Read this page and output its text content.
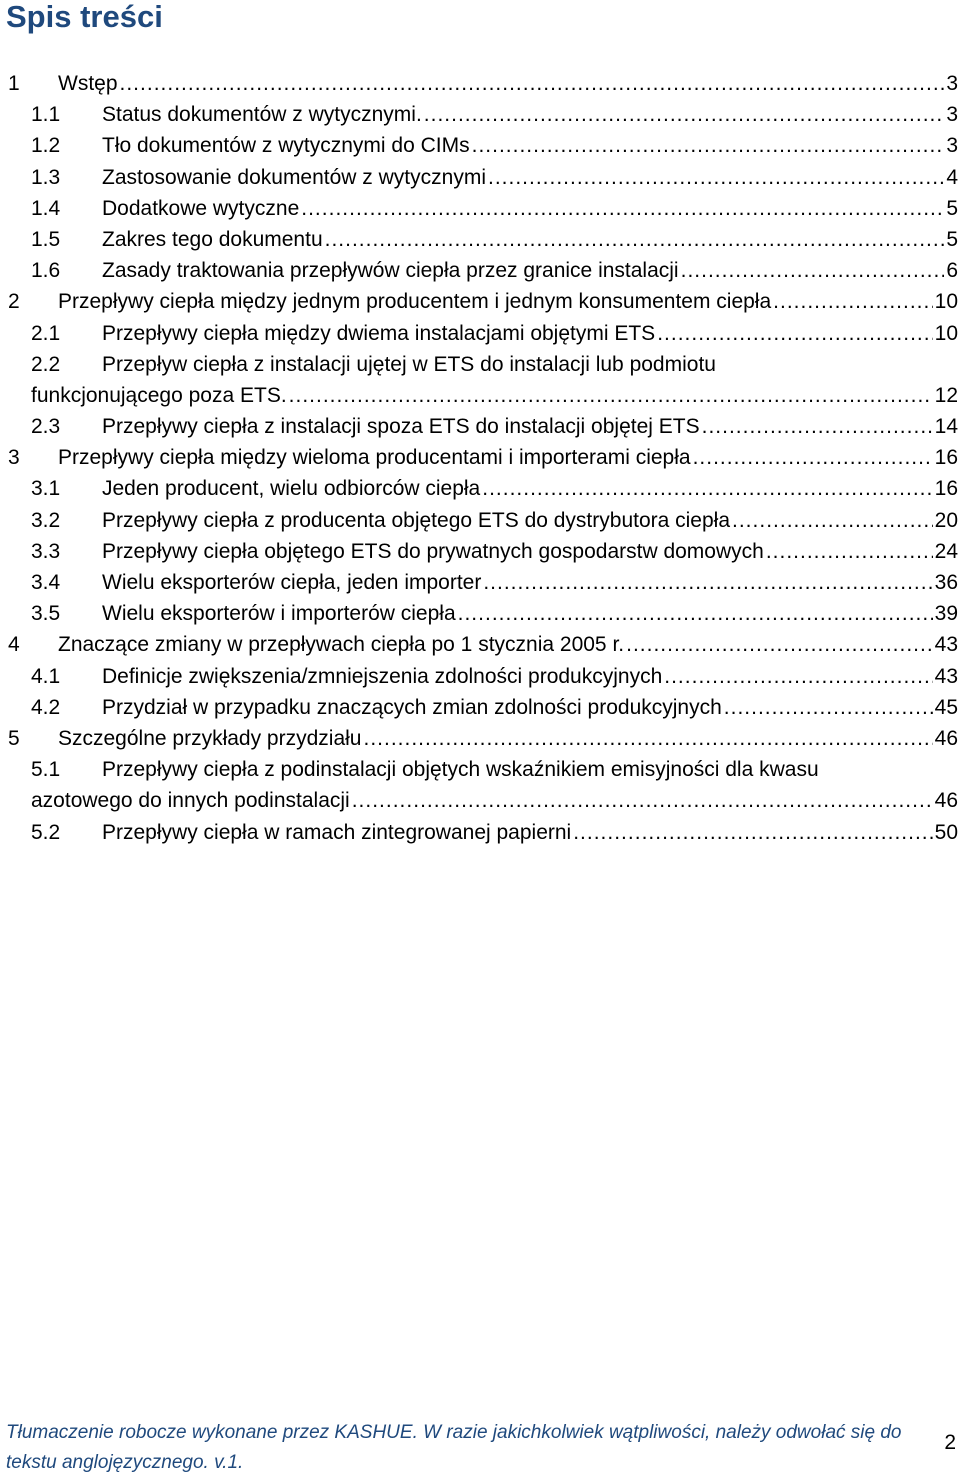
Spis treści
1 Wstęp .....	3
1.1 Status dokumentów z wytycznymi. .....	3
1.2 Tło dokumentów z wytycznymi do CIMs .....	3
1.3 Zastosowanie dokumentów z wytycznymi .....	4
1.4 Dodatkowe wytyczne .....	5
1.5 Zakres tego dokumentu .....	5
1.6 Zasady traktowania przepływów ciepła przez granice instalacji .....	6
2 Przepływy ciepła między jednym producentem i jednym konsumentem ciepła .....	10
2.1 Przepływy ciepła między dwiema instalacjami objętymi ETS .....	10
2.2 Przepływ ciepła z instalacji ujętej w ETS do instalacji lub podmiotu
funkcjonującego poza ETS. .....	12
2.3 Przepływy ciepła z instalacji spoza ETS do instalacji objętej ETS .....	14
3 Przepływy ciepła między wieloma producentami i importerami ciepła .....	16
3.1 Jeden producent, wielu odbiorców ciepła .....	16
3.2 Przepływy ciepła z producenta objętego ETS do dystrybutora ciepła .....	20
3.3 Przepływy ciepła objętego ETS do prywatnych gospodarstw domowych .....	24
3.4 Wielu eksporterów ciepła, jeden importer .....	36
3.5 Wielu eksporterów i importerów ciepła .....	39
4 Znaczące zmiany w przepływach ciepła po 1 stycznia 2005 r. .....	43
4.1 Definicje zwiększenia/zmniejszenia zdolności produkcyjnych .....	43
4.2 Przydział w przypadku znaczących zmian zdolności produkcyjnych .....	45
5 Szczególne przykłady przydziału .....	46
5.1 Przepływy ciepła z podinstalacji objętych wskaźnikiem emisyjności dla kwasu
azotowego do innych podinstalacji .....	46
5.2 Przepływy ciepła w ramach zintegrowanej papierni .....	50
Tłumaczenie robocze wykonane przez KASHUE. W razie jakichkolwiek wątpliwości, należy odwołać się do tekstu anglojęzycznego. v.1.
2
